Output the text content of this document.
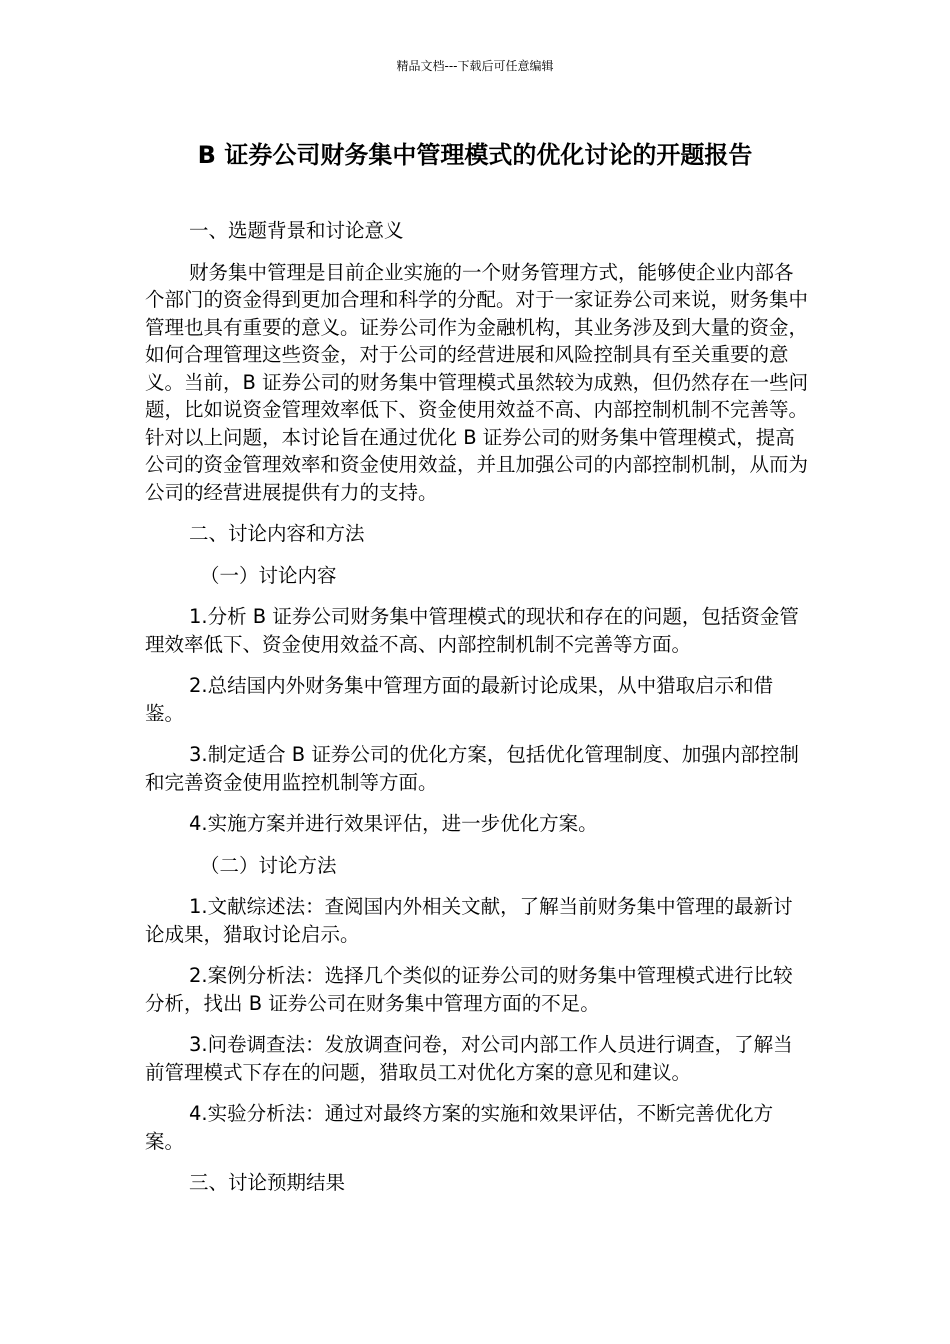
精品文档---下载后可任意编辑
B 证券公司财务集中管理模式的优化讨论的开题报告

一、选题背景和讨论意义

财务集中管理是目前企业实施的一个财务管理方式，能够使企业内部各个部门的资金得到更加合理和科学的分配。对于一家证券公司来说，财务集中管理也具有重要的意义。证券公司作为金融机构，其业务涉及到大量的资金，如何合理管理这些资金，对于公司的经营进展和风险控制具有至关重要的意义。当前，B 证券公司的财务集中管理模式虽然较为成熟，但仍然存在一些问题，比如说资金管理效率低下、资金使用效益不高、内部控制机制不完善等。针对以上问题，本讨论旨在通过优化 B 证券公司的财务集中管理模式，提高公司的资金管理效率和资金使用效益，并且加强公司的内部控制机制，从而为公司的经营进展提供有力的支持。

二、讨论内容和方法

（一）讨论内容

1.分析 B 证券公司财务集中管理模式的现状和存在的问题，包括资金管理效率低下、资金使用效益不高、内部控制机制不完善等方面。

2.总结国内外财务集中管理方面的最新讨论成果，从中猎取启示和借鉴。

3.制定适合 B 证券公司的优化方案，包括优化管理制度、加强内部控制和完善资金使用监控机制等方面。

4.实施方案并进行效果评估，进一步优化方案。

（二）讨论方法

1.文献综述法：查阅国内外相关文献，了解当前财务集中管理的最新讨论成果，猎取讨论启示。

2.案例分析法：选择几个类似的证券公司的财务集中管理模式进行比较分析，找出 B 证券公司在财务集中管理方面的不足。

3.问卷调查法：发放调查问卷，对公司内部工作人员进行调查，了解当前管理模式下存在的问题，猎取员工对优化方案的意见和建议。

4.实验分析法：通过对最终方案的实施和效果评估，不断完善优化方案。

三、讨论预期结果
